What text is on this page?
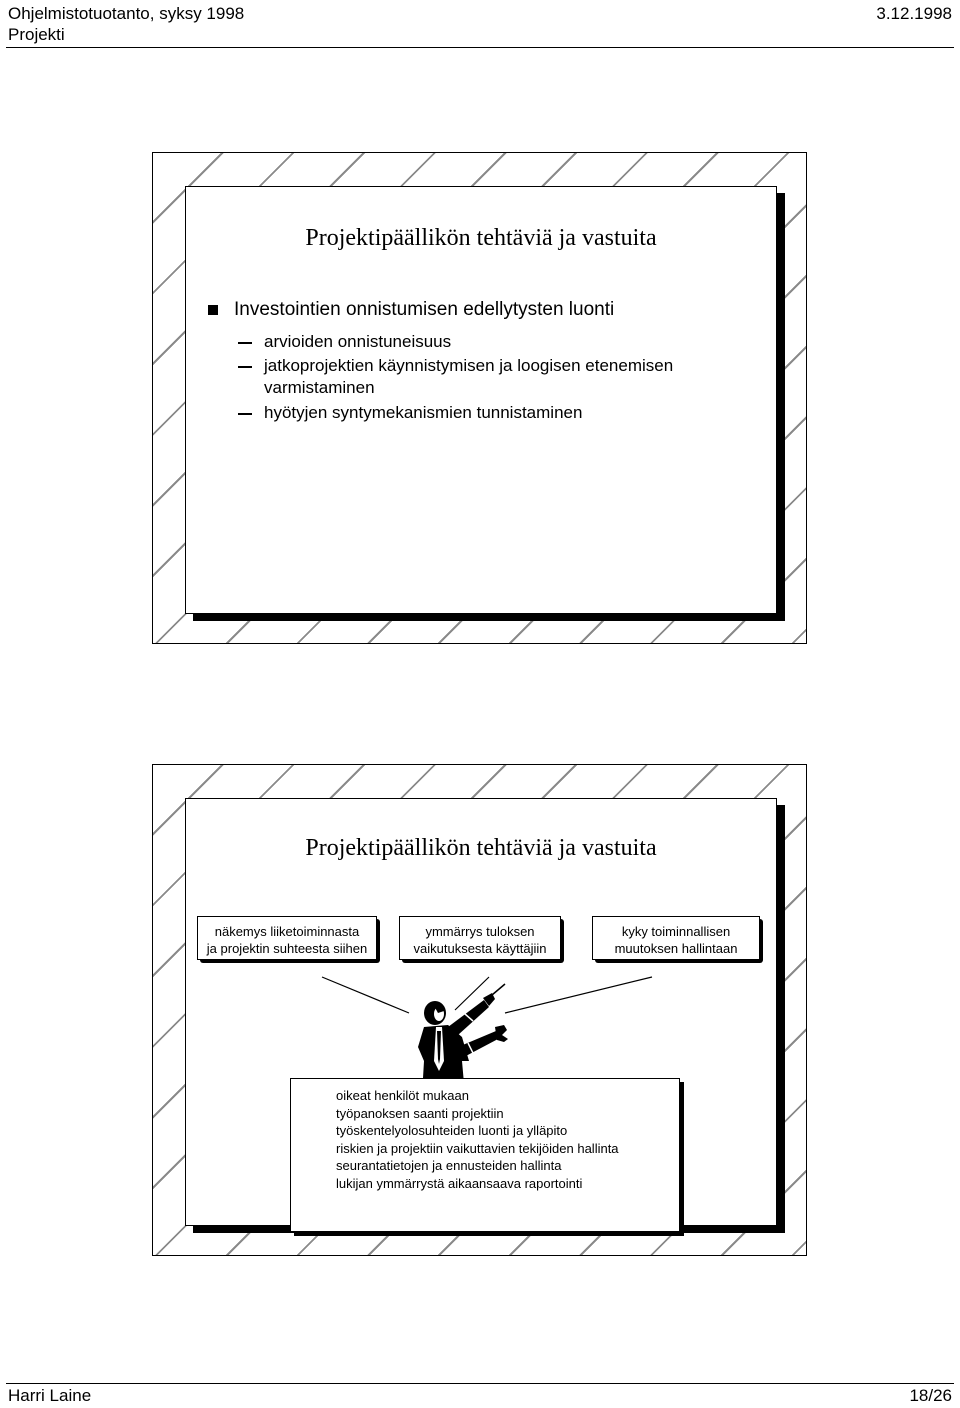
Ohjelmistotuotanto, syksy 1998
Projekti
3.12.1998
Projektipäällikön tehtäviä ja vastuita
Investointien onnistumisen edellytysten luonti
arvioiden onnistuneisuus
jatkoprojektien käynnistymisen ja loogisen etenemisen
varmistaminen
hyötyjen syntymekanismien tunnistaminen
Projektipäällikön tehtäviä ja vastuita
näkemys liiketoiminnasta
ja projektin suhteesta siihen
ymmärrys tuloksen
vaikutuksesta käyttäjiin
kyky toiminnallisen
muutoksen hallintaan
oikeat henkilöt mukaan
työpanoksen saanti projektiin
työskentelyolosuhteiden luonti ja ylläpito
riskien ja projektiin vaikuttavien tekijöiden hallinta
seurantatietojen ja ennusteiden hallinta
lukijan ymmärrystä aikaansaava raportointi
Harri Laine	18/26
